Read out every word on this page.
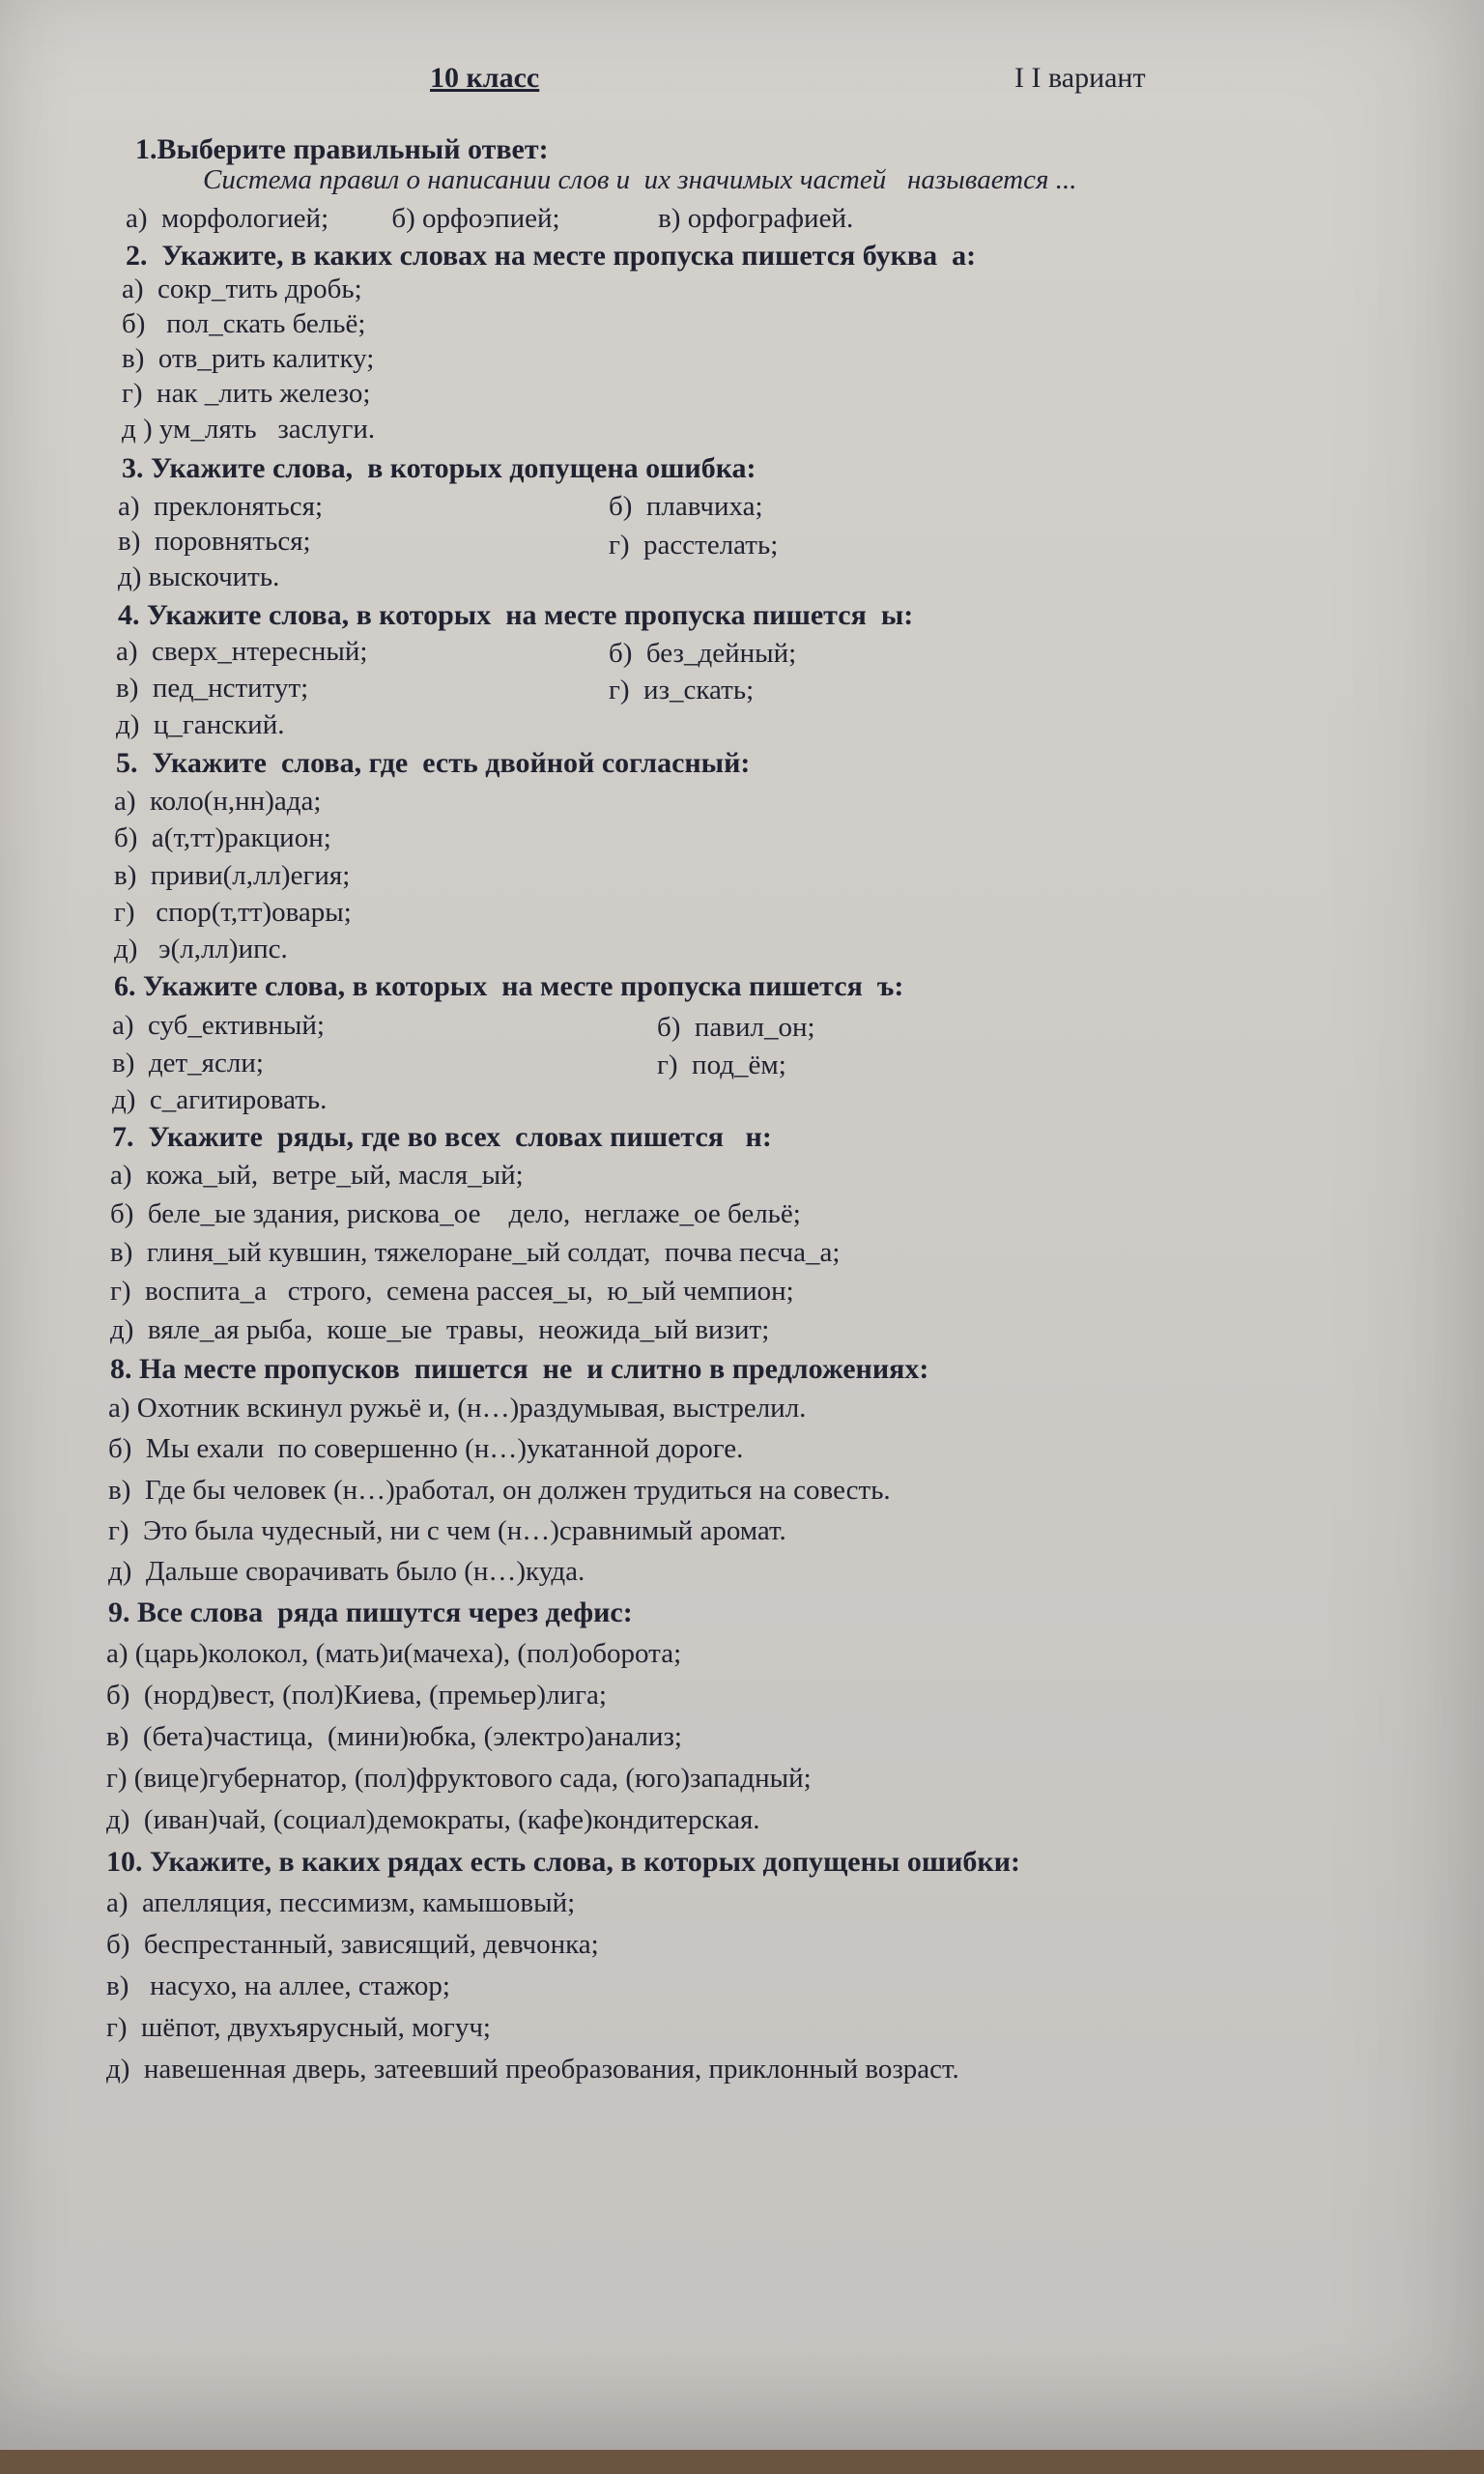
10 класс	I I вариант
1.Выберите правильный ответ:
Система правил о написании слов и  их значимых частей   называется ...
а)  морфологией;         б) орфоэпией;              в) орфографией.
2.  Укажите, в каких словах на месте пропуска пишется буква  а:
а)  сокр_тить дробь;
б)   пол_скать бельё;
в)  отв_рить калитку;
г)  нак _лить железо;
д ) ум_лять   заслуги.
3. Укажите слова,  в которых допущена ошибка:
а)  преклоняться;	б)  плавчиха;
в)  поровняться;	г)  расстелать;
д) выскочить.
4. Укажите слова, в которых  на месте пропуска пишется  ы:
а)  сверх_нтересный;	б)  без_дейный;
в)  пед_нститут;	г)  из_скать;
д)  ц_ганский.
5.  Укажите  слова, где  есть двойной согласный:
а)  коло(н,нн)ада;
б)  а(т,тт)ракцион;
в)  приви(л,лл)егия;
г)   спор(т,тт)овары;
д)   э(л,лл)ипс.
6. Укажите слова, в которых  на месте пропуска пишется  ъ:
а)  суб_ективный;	б)  павил_он;
в)  дет_ясли;	г)  под_ём;
д)  с_агитировать.
7.  Укажите  ряды, где во всех  словах пишется   н:
а)  кожа_ый,  ветре_ый, масля_ый;
б)  беле_ые здания, рискова_ое    дело,  неглаже_ое бельё;
в)  глиня_ый кувшин, тяжелоране_ый солдат,  почва песча_а;
г)  воспита_а   строго,  семена рассея_ы,  ю_ый чемпион;
д)  вяле_ая рыба,  коше_ые  травы,  неожида_ый визит;
8. На месте пропусков  пишется  не  и слитно в предложениях:
а) Охотник вскинул ружьё и, (н…)раздумывая, выстрелил.
б)  Мы ехали  по совершенно (н…)укатанной дороге.
в)  Где бы человек (н…)работал, он должен трудиться на совесть.
г)  Это была чудесный, ни с чем (н…)сравнимый аромат.
д)  Дальше сворачивать было (н…)куда.
9. Все слова  ряда пишутся через дефис:
а) (царь)колокол, (мать)и(мачеха), (пол)оборота;
б)  (норд)вест, (пол)Киева, (премьер)лига;
в)  (бета)частица,  (мини)юбка, (электро)анализ;
г) (вице)губернатор, (пол)фруктового сада, (юго)западный;
д)  (иван)чай, (социал)демократы, (кафе)кондитерская.
10. Укажите, в каких рядах есть слова, в которых допущены ошибки:
а)  апелляция, пессимизм, камышовый;
б)  беспрестанный, зависящий, девчонка;
в)   насухо, на аллее, стажор;
г)  шёпот, двухъярусный, могуч;
д)  навешенная дверь, затеевший преобразования, приклонный возраст.
